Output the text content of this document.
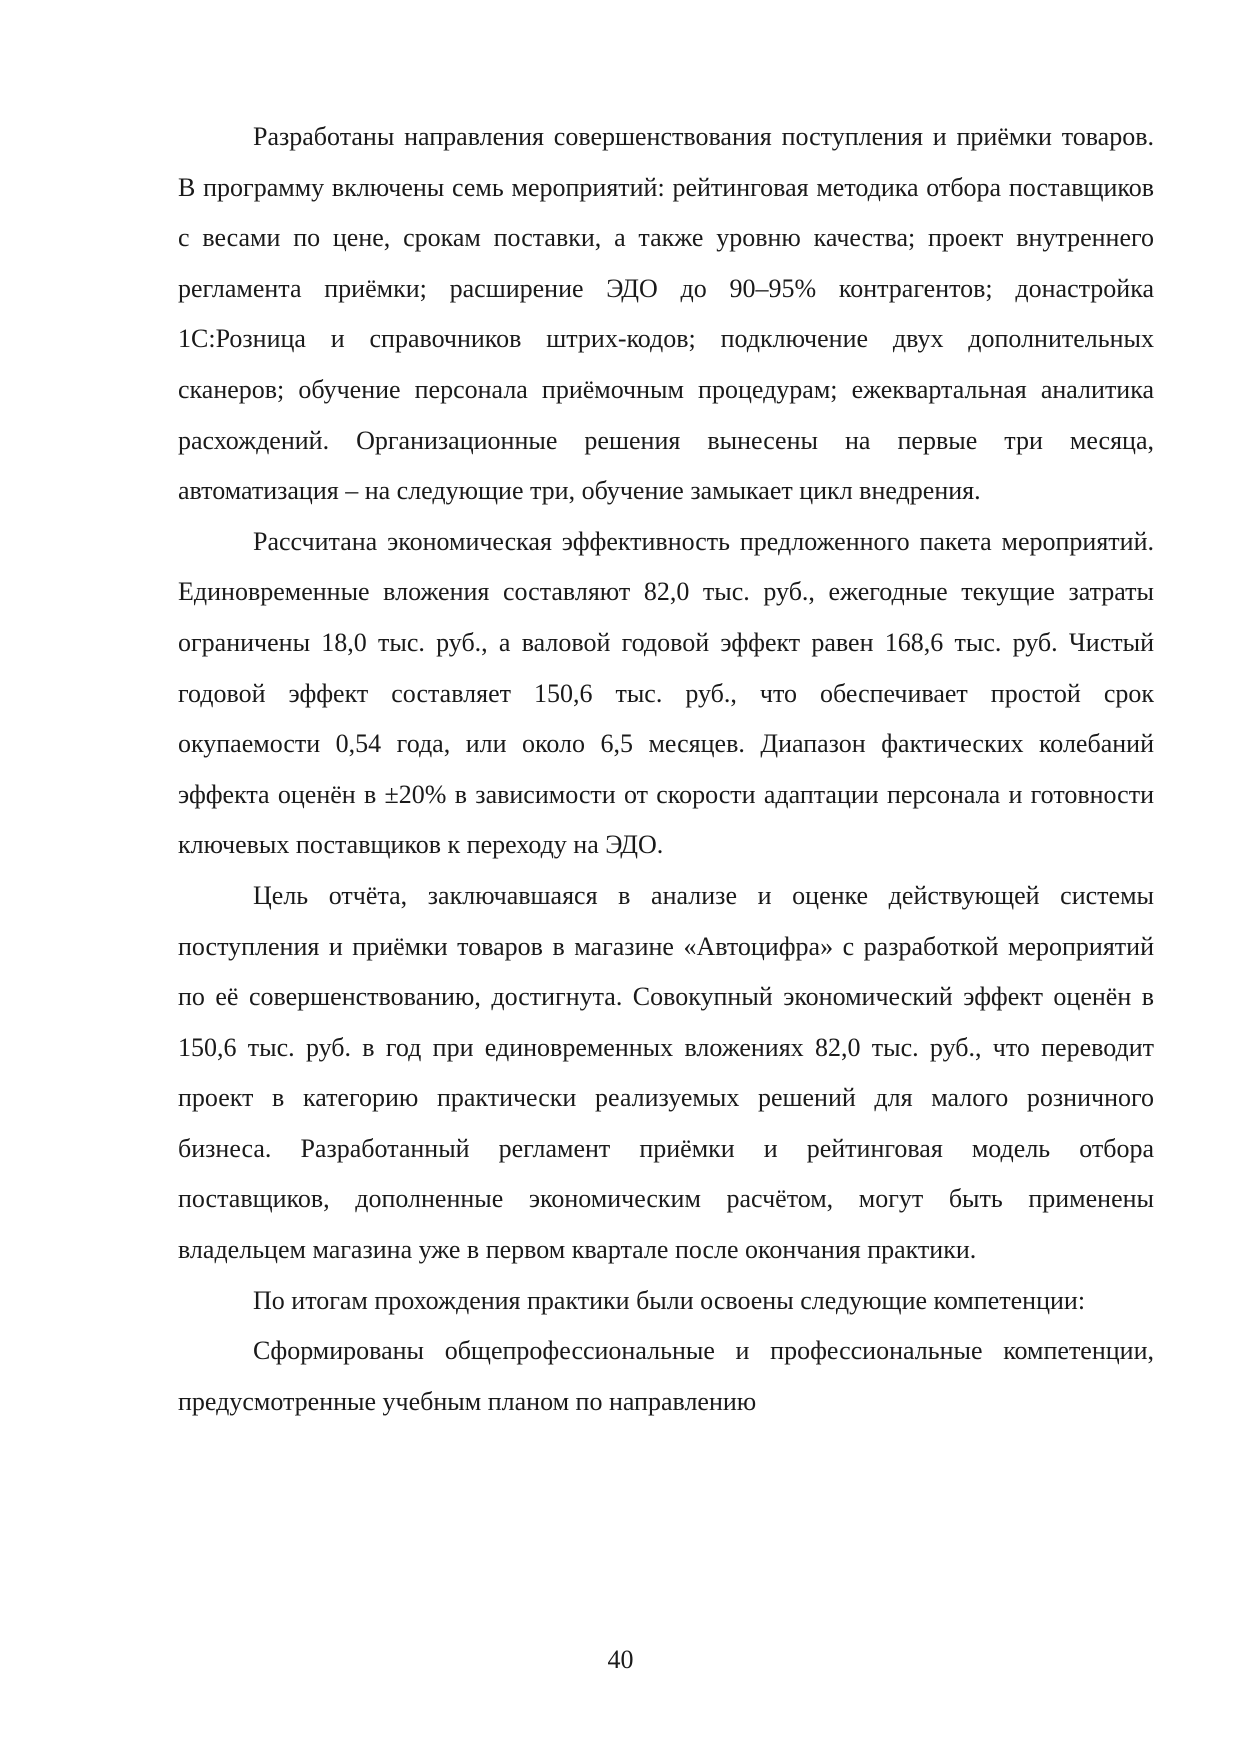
Разработаны направления совершенствования поступления и приёмки товаров. В программу включены семь мероприятий: рейтинговая методика отбора поставщиков с весами по цене, срокам поставки, а также уровню качества; проект внутреннего регламента приёмки; расширение ЭДО до 90–95% контрагентов; донастройка 1С:Розница и справочников штрих-кодов; подключение двух дополнительных сканеров; обучение персонала приёмочным процедурам; ежеквартальная аналитика расхождений. Организационные решения вынесены на первые три месяца, автоматизация – на следующие три, обучение замыкает цикл внедрения.

Рассчитана экономическая эффективность предложенного пакета мероприятий. Единовременные вложения составляют 82,0 тыс. руб., ежегодные текущие затраты ограничены 18,0 тыс. руб., а валовой годовой эффект равен 168,6 тыс. руб. Чистый годовой эффект составляет 150,6 тыс. руб., что обеспечивает простой срок окупаемости 0,54 года, или около 6,5 месяцев. Диапазон фактических колебаний эффекта оценён в ±20% в зависимости от скорости адаптации персонала и готовности ключевых поставщиков к переходу на ЭДО.

Цель отчёта, заключавшаяся в анализе и оценке действующей системы поступления и приёмки товаров в магазине «Автоцифра» с разработкой мероприятий по её совершенствованию, достигнута. Совокупный экономический эффект оценён в 150,6 тыс. руб. в год при единовременных вложениях 82,0 тыс. руб., что переводит проект в категорию практически реализуемых решений для малого розничного бизнеса. Разработанный регламент приёмки и рейтинговая модель отбора поставщиков, дополненные экономическим расчётом, могут быть применены владельцем магазина уже в первом квартале после окончания практики.

По итогам прохождения практики были освоены следующие компетенции:

Сформированы общепрофессиональные и профессиональные компетенции, предусмотренные учебным планом по направлению

40
